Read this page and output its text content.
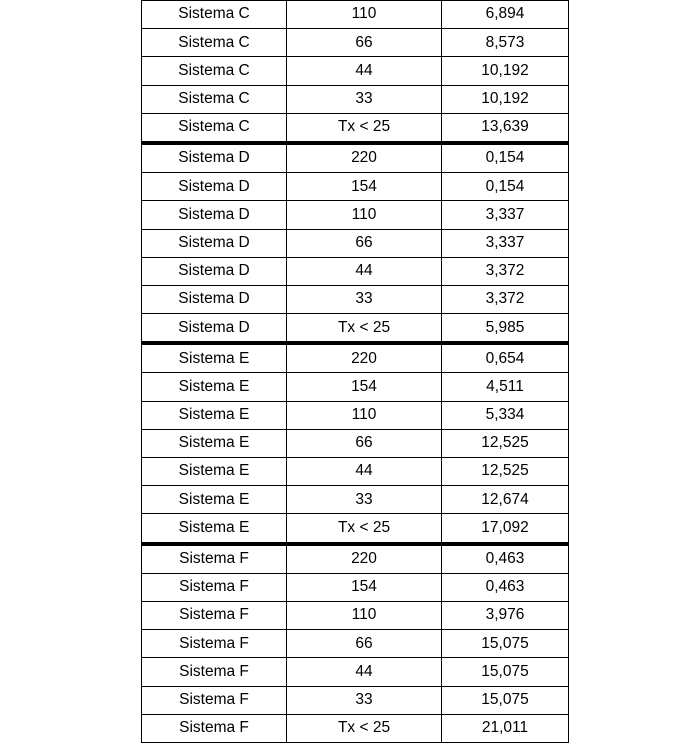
Sistema C	110	6,894
Sistema C	66	8,573
Sistema C	44	10,192
Sistema C	33	10,192
Sistema C	Tx < 25	13,639
Sistema D	220	0,154
Sistema D	154	0,154
Sistema D	110	3,337
Sistema D	66	3,337
Sistema D	44	3,372
Sistema D	33	3,372
Sistema D	Tx < 25	5,985
Sistema E	220	0,654
Sistema E	154	4,511
Sistema E	110	5,334
Sistema E	66	12,525
Sistema E	44	12,525
Sistema E	33	12,674
Sistema E	Tx < 25	17,092
Sistema F	220	0,463
Sistema F	154	0,463
Sistema F	110	3,976
Sistema F	66	15,075
Sistema F	44	15,075
Sistema F	33	15,075
Sistema F	Tx < 25	21,011
